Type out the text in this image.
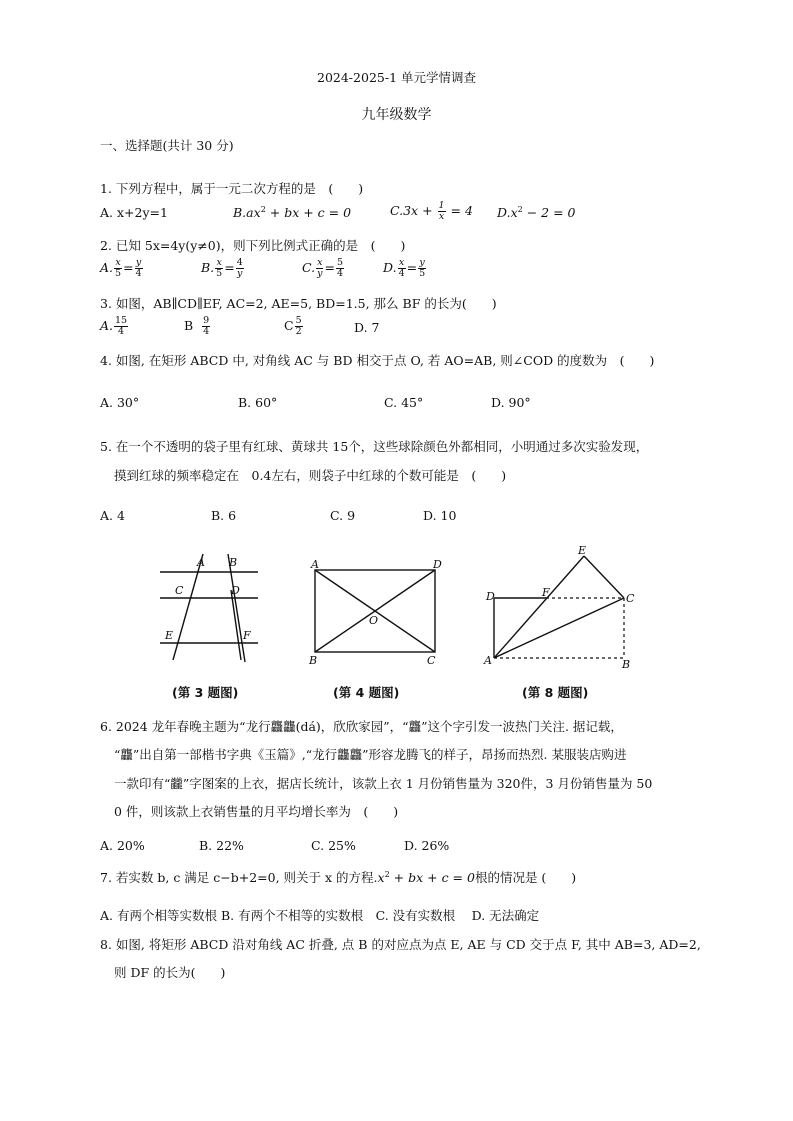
2024-2025-1 单元学情调查
九年级数学
一、选择题(共计 30 分)
1. 下列方程中，属于一元二次方程的是　(　　)
A. x+2y=1	$B.ax^2$ + bx + c = 0	$C.3x + \frac{1}{x} = 4$ $D.x^2 - 2 = 0$
2. 已知 5x=4y(y≠0)，则下列比例式正确的是　(　　)
A. $\frac{x}{5} = \frac{y}{4}$	B. $\frac{x}{5} = \frac{4}{y}$	C. $\frac{x}{y} = \frac{5}{4}$	D. $\frac{x}{4} = \frac{y}{5}$
3. 如图，AB∥CD∥EF, AC=2, AE=5, BD=1.5, 那么 BF 的长为(　　)
A. $\frac{15}{4}$	B $\frac{9}{4}$	C $\frac{5}{2}$	D. 7
4. 如图, 在矩形 ABCD 中, 对角线 AC 与 BD 相交于点 O, 若 AO=AB, 则∠COD 的度数为　(　　)
A. 30°	B. 60°	C. 45°	D. 90°
5. 在一个不透明的袋子里有红球、黄球共 15个，这些球除颜色外都相同，小明通过多次实验发现，
摸到红球的频率稳定在　0.4左右，则袋子中红球的个数可能是　(　　)
A. 4	B. 6	C. 9	D. 10
A B
C	D
E	F
A	D
O
B	C
E
D	F	C
A	B
(第 3 题图)	(第 4 题图)	(第 8 题图)
6. 2024 龙年春晚主题为“龙行龘龘(dá)，欣欣家园”，“龘”这个字引发一波热门关注. 据记载，
“龘”出自第一部楷书字典《玉篇》,“龙行龘龘”形容龙腾飞的样子，昂扬而热烈. 某服装店购进
一款印有“龖”字图案的上衣，据店长统计，该款上衣 1 月份销售量为 320件，3 月份销售量为 50
0 件，则该款上衣销售量的月平均增长率为　(　　)
A. 20%	B. 22%	C. 25%	D. 26%
7. 若实数 b, c 满足 c−b+2=0, 则关于 x 的方程$.x^2$ + bx + c = 0根的情况是 (　　)
A. 有两个相等实数根 B. 有两个不相等的实数根　C. 没有实数根　 D. 无法确定
8. 如图, 将矩形 ABCD 沿对角线 AC 折叠, 点 B 的对应点为点 E, AE 与 CD 交于点 F, 其中 AB=3, AD=2,
则 DF 的长为(　　)
